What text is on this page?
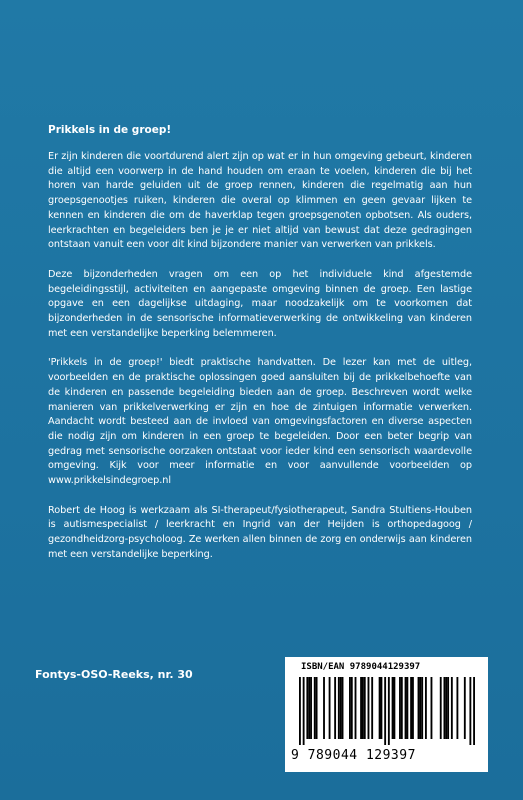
Prikkels in de groep!

Er zijn kinderen die voortdurend alert zijn op wat er in hun omgeving gebeurt, kinderen die altijd een voorwerp in de hand houden om eraan te voelen, kinderen die bij het horen van harde geluiden uit de groep rennen, kinderen die regelmatig aan hun groepsgenootjes ruiken, kinderen die overal op klimmen en geen gevaar lijken te kennen en kinderen die om de haverklap tegen groepsgenoten opbotsen. Als ouders, leerkrachten en begeleiders ben je je er niet altijd van bewust dat deze gedragingen ontstaan vanuit een voor dit kind bijzondere manier van verwerken van prikkels.

Deze bijzonderheden vragen om een op het individuele kind afgestemde begeleidingsstijl, activiteiten en aangepaste omgeving binnen de groep. Een lastige opgave en een dagelijkse uitdaging, maar noodzakelijk om te voorkomen dat bijzonderheden in de sensorische informatieverwerking de ontwikkeling van kinderen met een verstandelijke beperking belemmeren.

'Prikkels in de groep!' biedt praktische handvatten. De lezer kan met de uitleg, voorbeelden en de praktische oplossingen goed aansluiten bij de prikkelbehoefte van de kinderen en passende begeleiding bieden aan de groep. Beschreven wordt welke manieren van prikkelverwerking er zijn en hoe de zintuigen informatie verwerken. Aandacht wordt besteed aan de invloed van omgevingsfactoren en diverse aspecten die nodig zijn om kinderen in een groep te begeleiden. Door een beter begrip van gedrag met sensorische oorzaken ontstaat voor ieder kind een sensorisch waardevolle omgeving. Kijk voor meer informatie en voor aanvullende voorbeelden op www.prikkelsindegroep.nl

Robert de Hoog is werkzaam als SI-therapeut/fysiotherapeut, Sandra Stultiens-Houben is autismespecialist / leerkracht en Ingrid van der Heijden is orthopedagoog / gezondheidzorg-psycholoog. Ze werken allen binnen de zorg en onderwijs aan kinderen met een verstandelijke beperking.

Fontys-OSO-Reeks, nr. 30
ISBN/EAN 9789044129397
9 789044 129397
